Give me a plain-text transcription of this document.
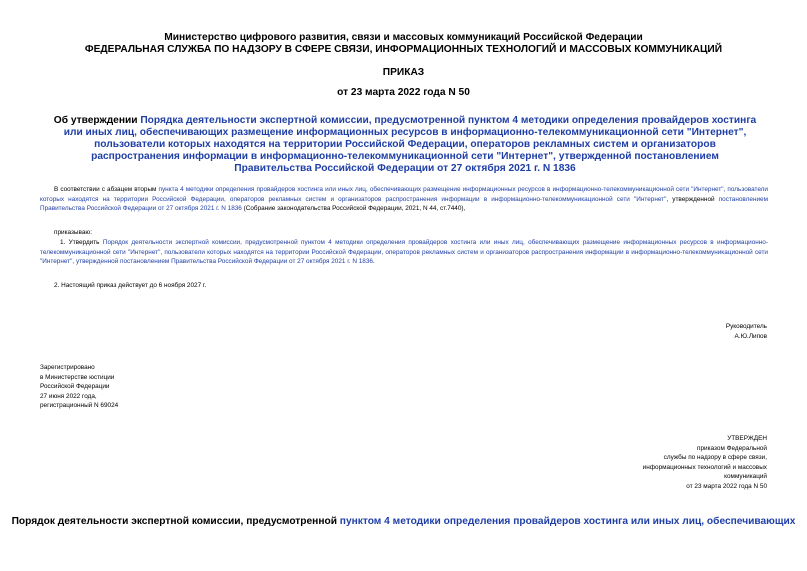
Министерство цифрового развития, связи и массовых коммуникаций Российской Федерации
ФЕДЕРАЛЬНАЯ СЛУЖБА ПО НАДЗОРУ В СФЕРЕ СВЯЗИ, ИНФОРМАЦИОННЫХ ТЕХНОЛОГИЙ И МАССОВЫХ КОММУНИКАЦИЙ
ПРИКАЗ
от 23 марта 2022 года N 50
Об утверждении Порядка деятельности экспертной комиссии, предусмотренной пунктом 4 методики определения провайдеров хостинга или иных лиц, обеспечивающих размещение информационных ресурсов в информационно-телекоммуникационной сети "Интернет", пользователи которых находятся на территории Российской Федерации, операторов рекламных систем и организаторов распространения информации в информационно-телекоммуникационной сети "Интернет", утвержденной постановлением Правительства Российской Федерации от 27 октября 2021 г. N 1836
В соответствии с абзацем вторым пункта 4 методики определения провайдеров хостинга или иных лиц, обеспечивающих размещение информационных ресурсов в информационно-телекоммуникационной сети "Интернет", пользователи которых находятся на территории Российской Федерации, операторов рекламных систем и организаторов распространения информации в информационно-телекоммуникационной сети "Интернет", утвержденной постановлением Правительства Российской Федерации от 27 октября 2021 г. N 1836 (Собрание законодательства Российской Федерации, 2021, N 44, ст.7440),
приказываю:
1. Утвердить Порядок деятельности экспертной комиссии, предусмотренной пунктом 4 методики определения провайдеров хостинга или иных лиц, обеспечивающих размещение информационных ресурсов в информационно-телекоммуникационной сети "Интернет", пользователи которых находятся на территории Российской Федерации, операторов рекламных систем и организаторов распространения информации в информационно-телекоммуникационной сети "Интернет", утвержденной постановлением Правительства Российской Федерации от 27 октября 2021 г. N 1836.
2. Настоящий приказ действует до 6 ноября 2027 г.
Руководитель
А.Ю.Липов
Зарегистрировано
в Министерстве юстиции
Российской Федерации
27 июня 2022 года,
регистрационный N 69024
УТВЕРЖДЕН
приказом Федеральной
службы по надзору в сфере связи,
информационных технологий и массовых
коммуникаций
от 23 марта 2022 года N 50
Порядок деятельности экспертной комиссии, предусмотренной пунктом 4 методики определения провайдеров хостинга или иных лиц, обеспечивающих
